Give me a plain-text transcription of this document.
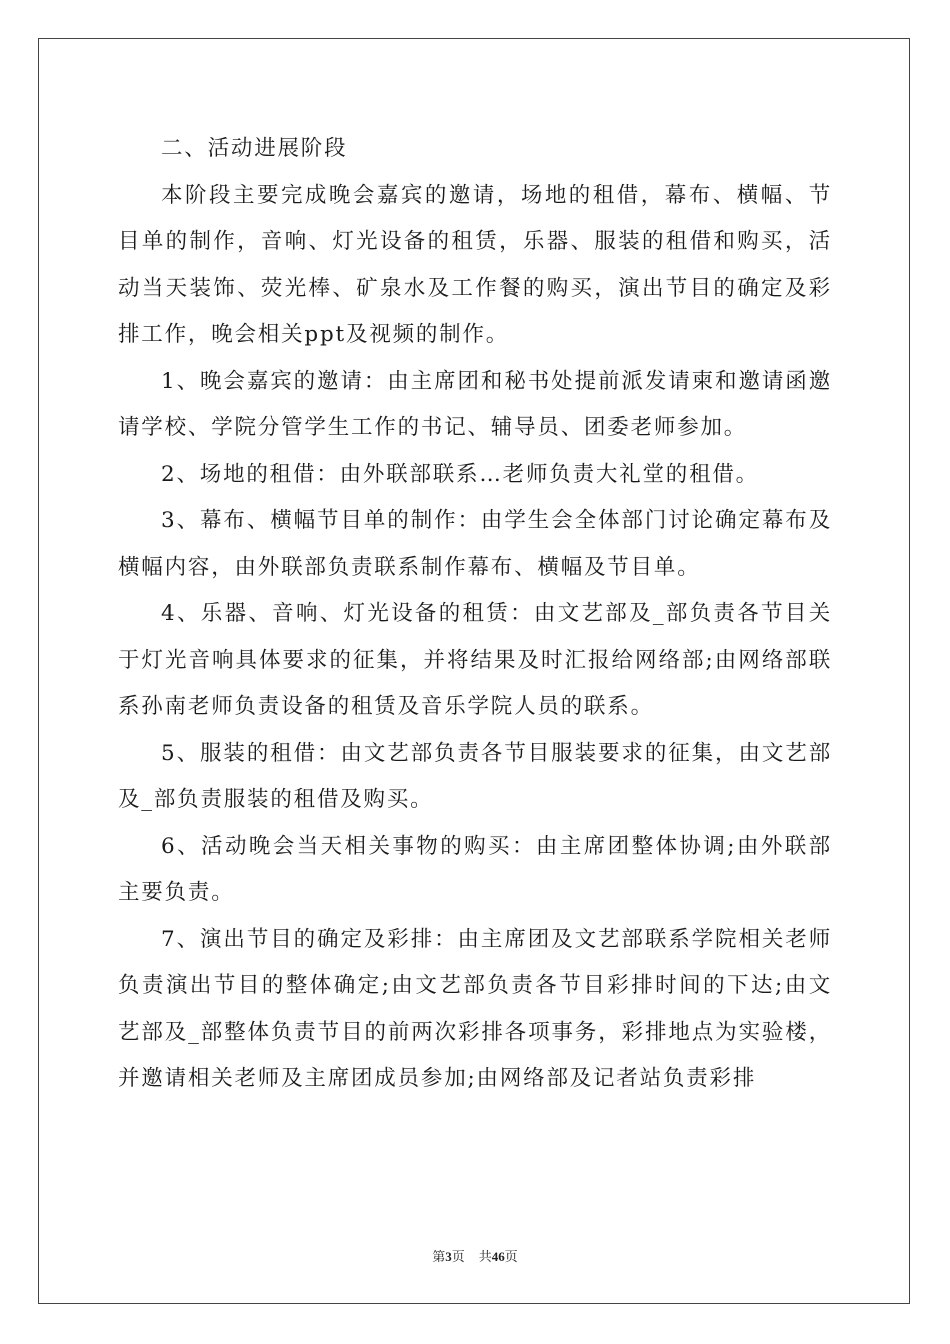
二、活动进展阶段

本阶段主要完成晚会嘉宾的邀请，场地的租借，幕布、横幅、节目单的制作，音响、灯光设备的租赁，乐器、服装的租借和购买，活动当天装饰、荧光棒、矿泉水及工作餐的购买，演出节目的确定及彩排工作，晚会相关ppt及视频的制作。

1、晚会嘉宾的邀请：由主席团和秘书处提前派发请柬和邀请函邀请学校、学院分管学生工作的书记、辅导员、团委老师参加。

2、场地的租借：由外联部联系…老师负责大礼堂的租借。

3、幕布、横幅节目单的制作：由学生会全体部门讨论确定幕布及横幅内容，由外联部负责联系制作幕布、横幅及节目单。

4、乐器、音响、灯光设备的租赁：由文艺部及_部负责各节目关于灯光音响具体要求的征集，并将结果及时汇报给网络部;由网络部联系孙南老师负责设备的租赁及音乐学院人员的联系。

5、服装的租借：由文艺部负责各节目服装要求的征集，由文艺部及_部负责服装的租借及购买。

6、活动晚会当天相关事物的购买：由主席团整体协调;由外联部主要负责。

7、演出节目的确定及彩排：由主席团及文艺部联系学院相关老师负责演出节目的整体确定;由文艺部负责各节目彩排时间的下达;由文艺部及_部整体负责节目的前两次彩排各项事务，彩排地点为实验楼，并邀请相关老师及主席团成员参加;由网络部及记者站负责彩排

第3页 共46页
